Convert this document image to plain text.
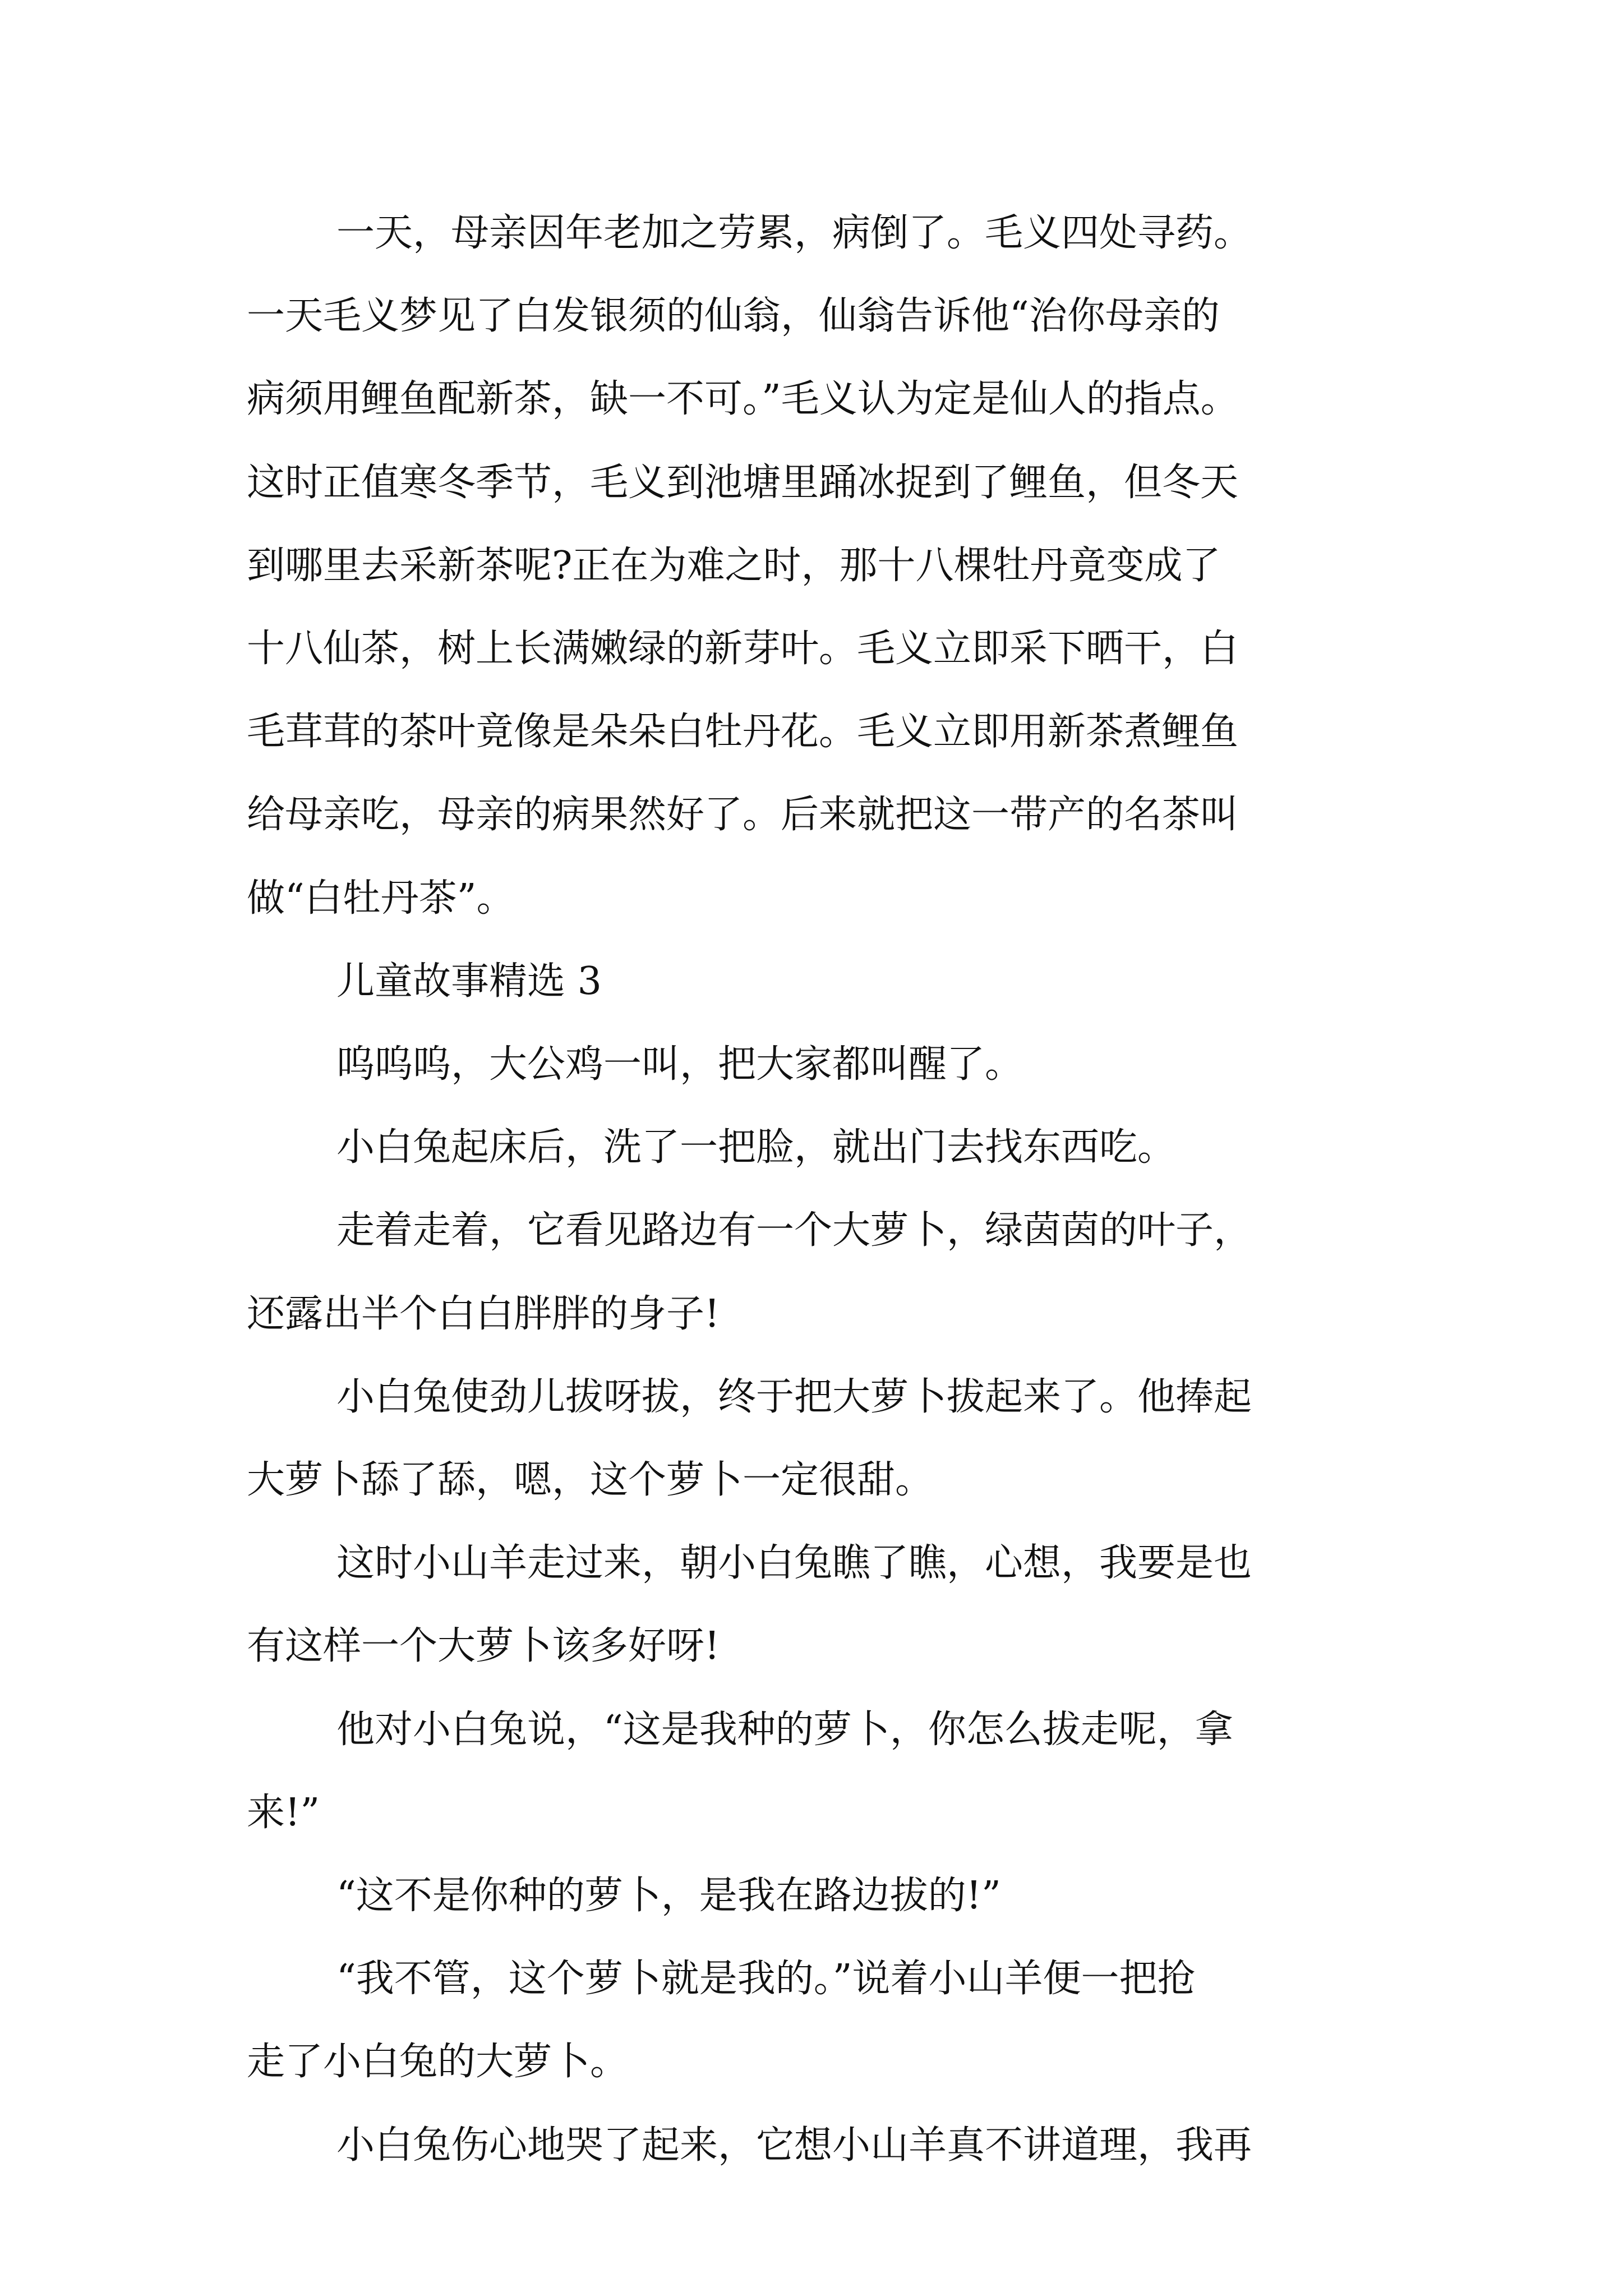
一天，母亲因年老加之劳累，病倒了。毛义四处寻药。
一天毛义梦见了白发银须的仙翁，仙翁告诉他“治你母亲的
病须用鲤鱼配新茶，缺一不可。”毛义认为定是仙人的指点。
这时正值寒冬季节，毛义到池塘里踊冰捉到了鲤鱼，但冬天
到哪里去采新茶呢?正在为难之时，那十八棵牡丹竟变成了
十八仙茶，树上长满嫩绿的新芽叶。毛义立即采下晒干，白
毛茸茸的茶叶竟像是朵朵白牡丹花。毛义立即用新茶煮鲤鱼
给母亲吃，母亲的病果然好了。后来就把这一带产的名茶叫
做“白牡丹茶”。
儿童故事精选 3
呜呜呜，大公鸡一叫，把大家都叫醒了。
小白兔起床后，洗了一把脸，就出门去找东西吃。
走着走着，它看见路边有一个大萝卜，绿茵茵的叶子，
还露出半个白白胖胖的身子!
小白兔使劲儿拔呀拔，终于把大萝卜拔起来了。他捧起
大萝卜舔了舔，嗯，这个萝卜一定很甜。
这时小山羊走过来，朝小白兔瞧了瞧，心想，我要是也
有这样一个大萝卜该多好呀!
他对小白兔说，“这是我种的萝卜，你怎么拔走呢，拿
来!”
“这不是你种的萝卜，是我在路边拔的!”
“我不管，这个萝卜就是我的。”说着小山羊便一把抢
走了小白兔的大萝卜。
小白兔伤心地哭了起来，它想小山羊真不讲道理，我再
